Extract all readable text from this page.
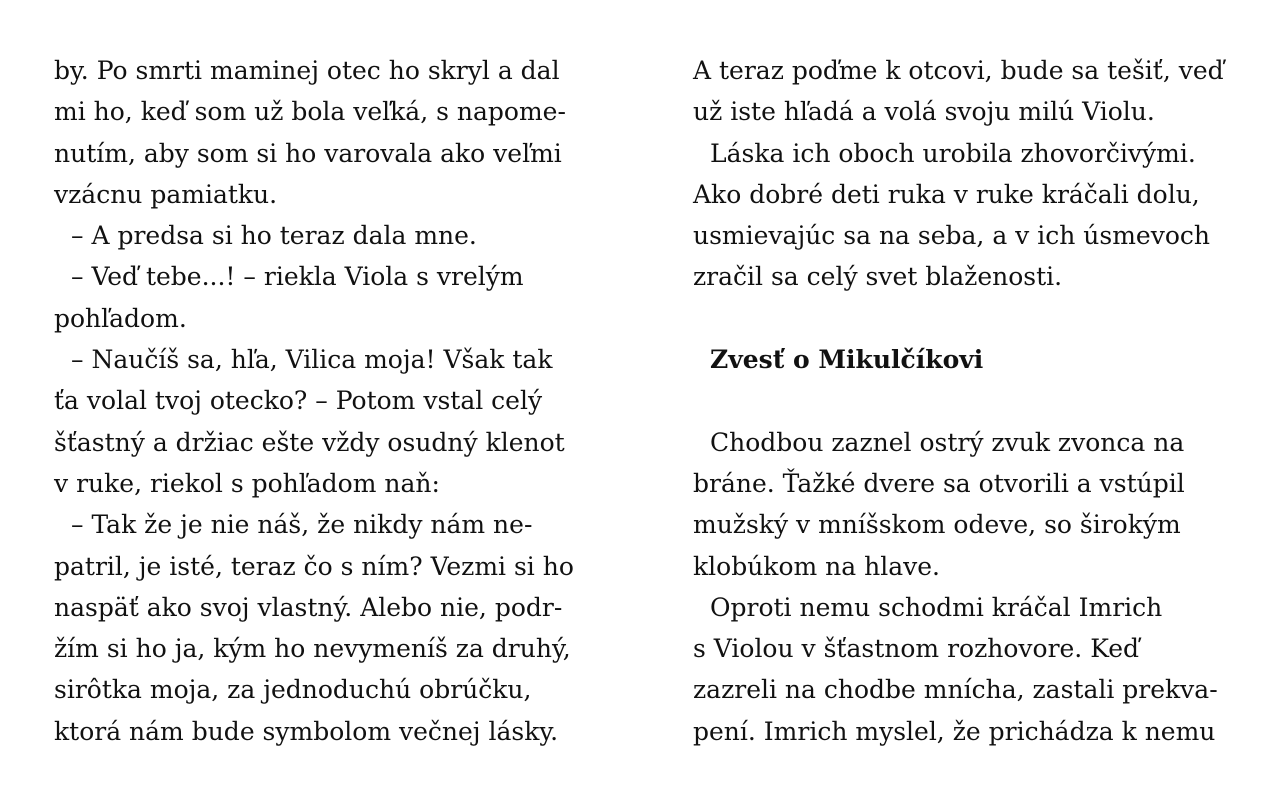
by. Po smrti maminej otec ho skryl a dal
mi ho, keď som už bola veľká, s napome-
nutím, aby som si ho varovala ako veľmi
vzácnu pamiatku.
– A predsa si ho teraz dala mne.
– Veď tebe...! – riekla Viola s vrelým
pohľadom.
– Naučíš sa, hľa, Vilica moja! Však tak
ťa volal tvoj otecko? – Potom vstal celý
šťastný a držiac ešte vždy osudný klenot
v ruke, riekol s pohľadom naň:
– Tak že je nie náš, že nikdy nám ne-
patril, je isté, teraz čo s ním? Vezmi si ho
naspäť ako svoj vlastný. Alebo nie, podr-
žím si ho ja, kým ho nevymeníš za druhý,
sirôtka moja, za jednoduchú obrúčku,
ktorá nám bude symbolom večnej lásky.
A teraz poďme k otcovi, bude sa tešiť, veď
už iste hľadá a volá svoju milú Violu.
Láska ich oboch urobila zhovorčivými.
Ako dobré deti ruka v ruke kráčali dolu,
usmievajúc sa na seba, a v ich úsmevoch
zračil sa celý svet blaženosti.
Zvesť o Mikulčíkovi
Chodbou zaznel ostrý zvuk zvonca na
bráne. Ťažké dvere sa otvorili a vstúpil
mužský v mníšskom odeve, so širokým
klobúkom na hlave.
Oproti nemu schodmi kráčal Imrich
s Violou v šťastnom rozhovore. Keď
zazreli na chodbe mnícha, zastali prekva-
pení. Imrich myslel, že prichádza k nemu
